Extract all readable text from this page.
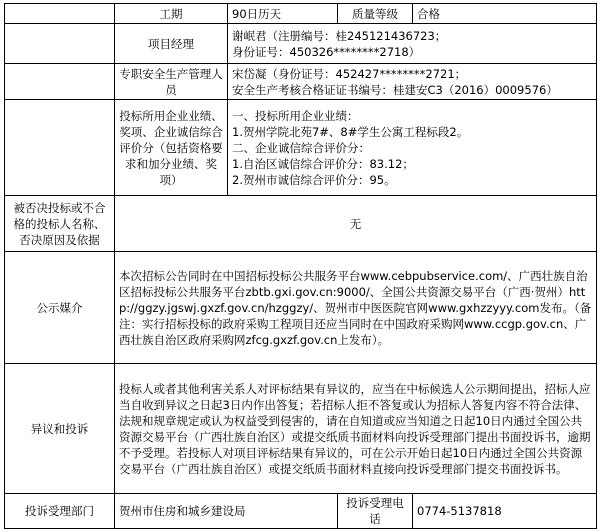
	工期	90日历天	质量等级	合格
	项目经理	谢岷君（注册编号：桂245121436723；
身份证号：450326********2718）		

	专职安全生产管理人员	宋岱凝（身份证号：452427********2721；
安全生产考核合格证证书编号：桂建安C3（2016）0009576）		

	投标所用企业业绩、奖项、企业诚信综合评价分（包括资格要求和加分业绩、奖项）	一、投标所用企业业绩：
1.贺州学院北苑7#、8#学生公寓工程标段2。
二、企业诚信综合评价分：
1.自治区诚信综合评价分：83.12；
2.贺州市诚信综合评价分：95。		

被否决投标或不合格的投标人名称、否决原因及依据	无			
公示媒介	本次招标公告同时在中国招标投标公共服务平台www.cebpubservice.com/、广西壮族自治区招标投标公共服务平台zbtb.gxi.gov.cn:9000/、全国公共资源交易平台（广西·贺州）http://ggzy.jgswj.gxzf.gov.cn/hzggzy/、贺州市中医医院官网www.gxhzzyyy.com发布。（备注：实行招标投标的政府采购工程项目还应当同时在中国政府采购网www.ccgp.gov.cn、广西壮族自治区政府采购网zfcg.gxzf.gov.cn上发布）。			
异议和投诉	投标人或者其他利害关系人对评标结果有异议的，应当在中标候选人公示期间提出，招标人应当自收到异议之日起3日内作出答复；若招标人拒不答复或认为招标人答复内容不符合法律、法规和规章规定或认为权益受到侵害的，请在自知道或应当知道之日起10日内通过全国公共资源交易平台（广西壮族自治区）或提交纸质书面材料向投诉受理部门提出书面投诉书，逾期不予受理。若投标人对项目评标结果有异议的，可在公示开始日起10日内通过全国公共资源交易平台（广西壮族自治区）或提交纸质书面材料直接向投诉受理部门提交书面投诉书。			
投诉受理部门	贺州市住房和城乡建设局		投诉受理电话	0774-5137818
